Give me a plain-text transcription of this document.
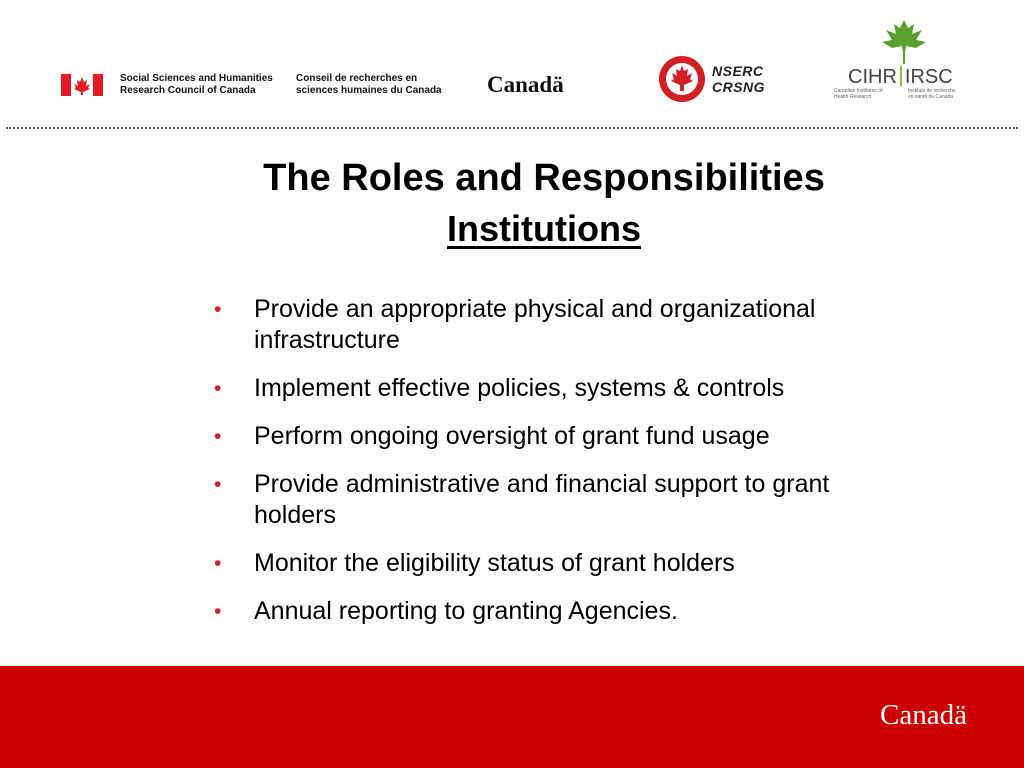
Social Sciences and Humanities
Research Council of Canada
Conseil de recherches en
sciences humaines du Canada Canadä
NSERC
CRSNG	CIHR IRSC
Canadian Institutes of
Health Research
Instituts de recherche
en santé du Canada
The Roles and Responsibilities
Institutions
• Provide an appropriate physical and organizational infrastructure
• Implement effective policies, systems & controls
• Perform ongoing oversight of grant fund usage
• Provide administrative and financial support to grant holders
• Monitor the eligibility status of grant holders
• Annual reporting to granting Agencies.
Canadä
